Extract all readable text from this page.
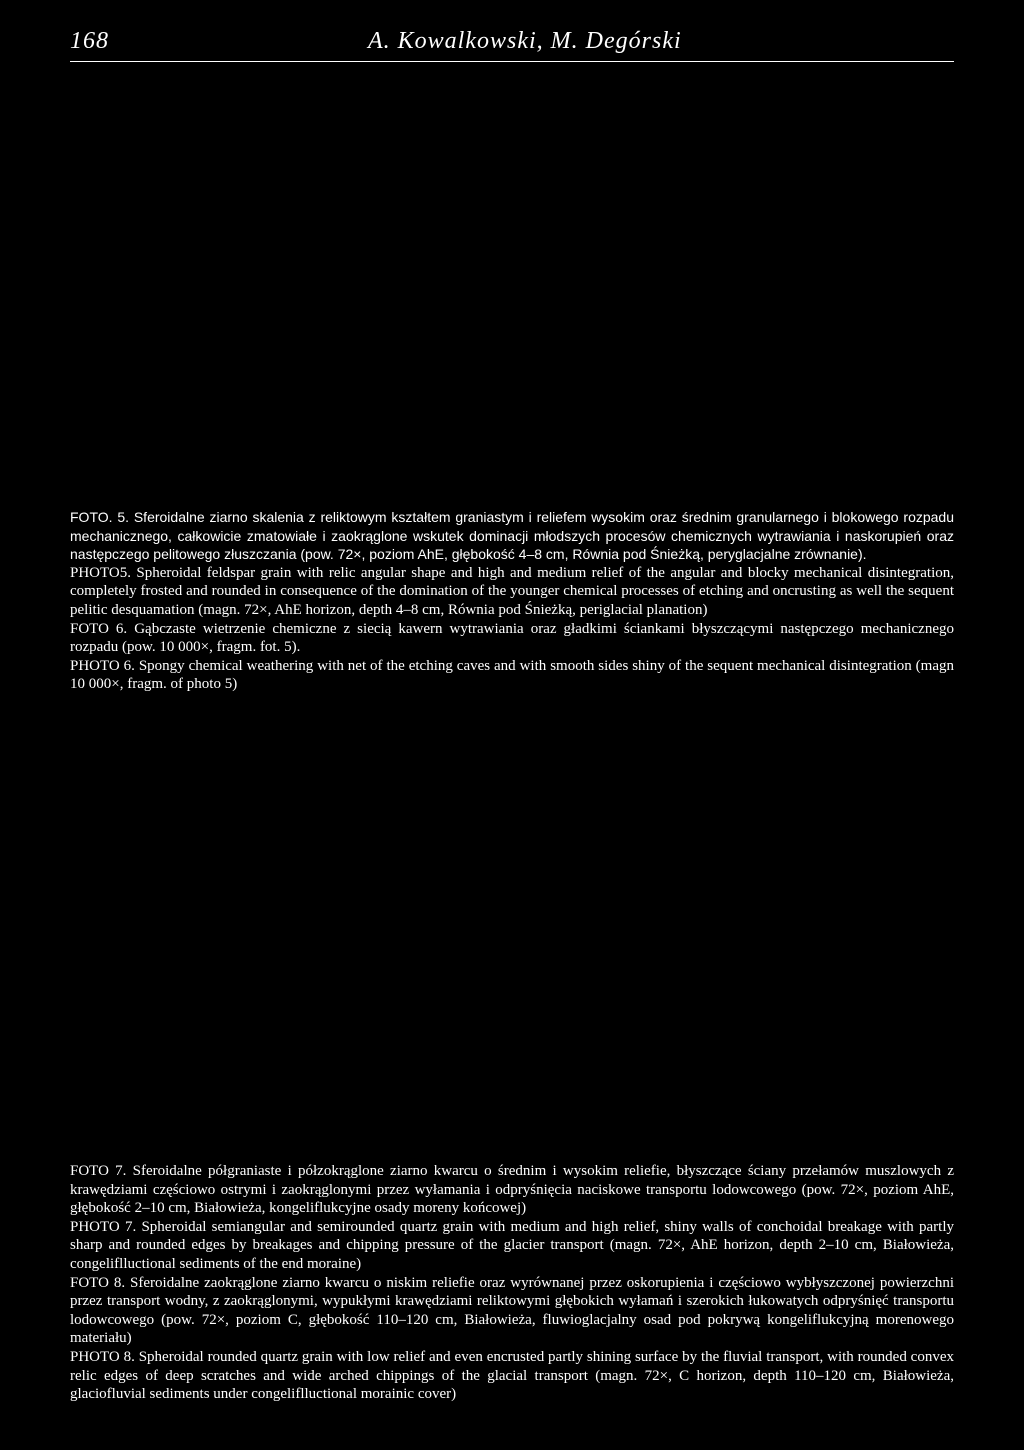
168	A. Kowalkowski, M. Degórski

FOTO. 5. Sferoidalne ziarno skalenia z reliktowym kształtem graniastym i reliefem wysokim oraz średnim granularnego i blokowego rozpadu mechanicznego, całkowicie zmatowiałe i zaokrąglone wskutek dominacji młodszych procesów chemicznych wytrawiania i naskorupień oraz następczego pelitowego złuszczania (pow. 72×, poziom AhE, głębokość 4–8 cm, Równia pod Śnieżką, peryglacjalne zrównanie).

PHOTO5. Spheroidal feldspar grain with relic angular shape and high and medium relief of the angular and blocky mechanical disintegration, completely frosted and rounded in consequence of the domination of the younger chemical processes of etching and oncrusting as well the sequent pelitic desquamation (magn. 72×, AhE horizon, depth 4–8 cm, Równia pod Śnieżką, periglacial planation)

FOTO 6. Gąbczaste wietrzenie chemiczne z siecią kawern wytrawiania oraz gładkimi ściankami błyszczącymi następczego mechanicznego rozpadu (pow. 10 000×, fragm. fot. 5).

PHOTO 6. Spongy chemical weathering with net of the etching caves and with smooth sides shiny of the sequent mechanical disintegration (magn 10 000×, fragm. of photo 5)

FOTO 7. Sferoidalne półgraniaste i półzokrąglone ziarno kwarcu o średnim i wysokim reliefie, błyszczące ściany przełamów muszlowych z krawędziami częściowo ostrymi i zaokrąglonymi przez wyłamania i odpryśnięcia naciskowe transportu lodowcowego (pow. 72×, poziom AhE, głębokość 2–10 cm, Białowieża, kongeliflukcyjne osady moreny końcowej)

PHOTO 7. Spheroidal semiangular and semirounded quartz grain with medium and high relief, shiny walls of conchoidal breakage with partly sharp and rounded edges by breakages and chipping pressure of the glacier transport (magn. 72×, AhE horizon, depth 2–10 cm, Białowieża, congeliflluctional sediments of the end moraine)

FOTO 8. Sferoidalne zaokrąglone ziarno kwarcu o niskim reliefie oraz wyrównanej przez oskorupienia i częściowo wybłyszczonej powierzchni przez transport wodny, z zaokrąglonymi, wypukłymi krawędziami reliktowymi głębokich wyłamań i szerokich łukowatych odpryśnięć transportu lodowcowego (pow. 72×, poziom C, głębokość 110–120 cm, Białowieża, fluwioglacjalny osad pod pokrywą kongeliflukcyjną morenowego materiału)

PHOTO 8. Spheroidal rounded quartz grain with low relief and even encrusted partly shining surface by the fluvial transport, with rounded convex relic edges of deep scratches and wide arched chippings of the glacial transport (magn. 72×, C horizon, depth 110–120 cm, Białowieża, glaciofluvial sediments under congeliflluctional morainic cover)
